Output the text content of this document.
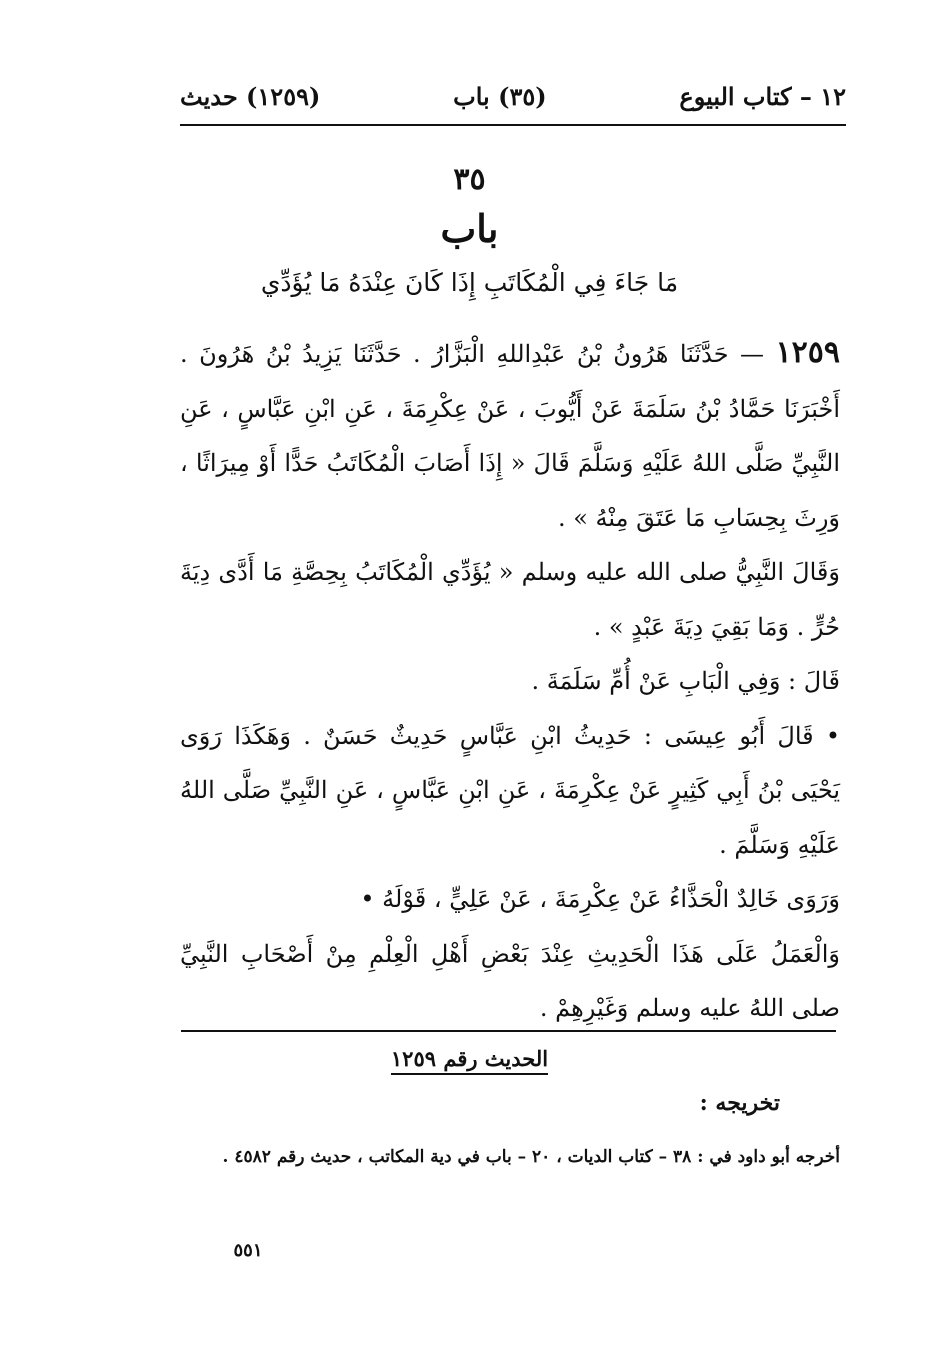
١٢ – كتاب البيوع
(٣٥) باب
(١٢٥٩) حديث
٣٥
باب
مَا جَاءَ فِي الْمُكَاتَبِ إِذَا كَانَ عِنْدَهُ مَا يُؤَدِّي

١٢٥٩ — حَدَّثَنَا هَرُونُ بْنُ عَبْدِاللهِ الْبَزَّارُ . حَدَّثَنَا يَزِيدُ بْنُ هَرُونَ . أَخْبَرَنَا حَمَّادُ بْنُ سَلَمَةَ عَنْ أَيُّوبَ ، عَنْ عِكْرِمَةَ ، عَنِ ابْنِ عَبَّاسٍ ، عَنِ النَّبِيِّ صَلَّى اللهُ عَلَيْهِ وَسَلَّمَ قَالَ « إِذَا أَصَابَ الْمُكَاتَبُ حَدًّا أَوْ مِيرَاثًا ، وَرِثَ بِحِسَابِ مَا عَتَقَ مِنْهُ » .

وَقَالَ النَّبِيُّ صلى الله عليه وسلم « يُؤَدِّي الْمُكَاتَبُ بِحِصَّةِ مَا أَدَّى دِيَةَ حُرٍّ . وَمَا بَقِيَ دِيَةَ عَبْدٍ » .

قَالَ : وَفِي الْبَابِ عَنْ أُمِّ سَلَمَةَ .

• قَالَ أَبُو عِيسَى : حَدِيثُ ابْنِ عَبَّاسٍ حَدِيثٌ حَسَنٌ . وَهَكَذَا رَوَى يَحْيَى بْنُ أَبِي كَثِيرٍ عَنْ عِكْرِمَةَ ، عَنِ ابْنِ عَبَّاسٍ ، عَنِ النَّبِيِّ صَلَّى اللهُ عَلَيْهِ وَسَلَّمَ .

وَرَوَى خَالِدٌ الْحَذَّاءُ عَنْ عِكْرِمَةَ ، عَنْ عَلِيٍّ ، قَوْلَهُ •

وَالْعَمَلُ عَلَى هَذَا الْحَدِيثِ عِنْدَ بَعْضِ أَهْلِ الْعِلْمِ مِنْ أَصْحَابِ النَّبِيِّ صلى اللهُ عليه وسلم وَغَيْرِهِمْ .

الحديث رقم ١٢٥٩
تخريجه :
أخرجه أبو داود في : ٣٨ – كتاب الديات ، ٢٠ – باب في دية المكاتب ، حديث رقم ٤٥٨٢ .
٥٥١
